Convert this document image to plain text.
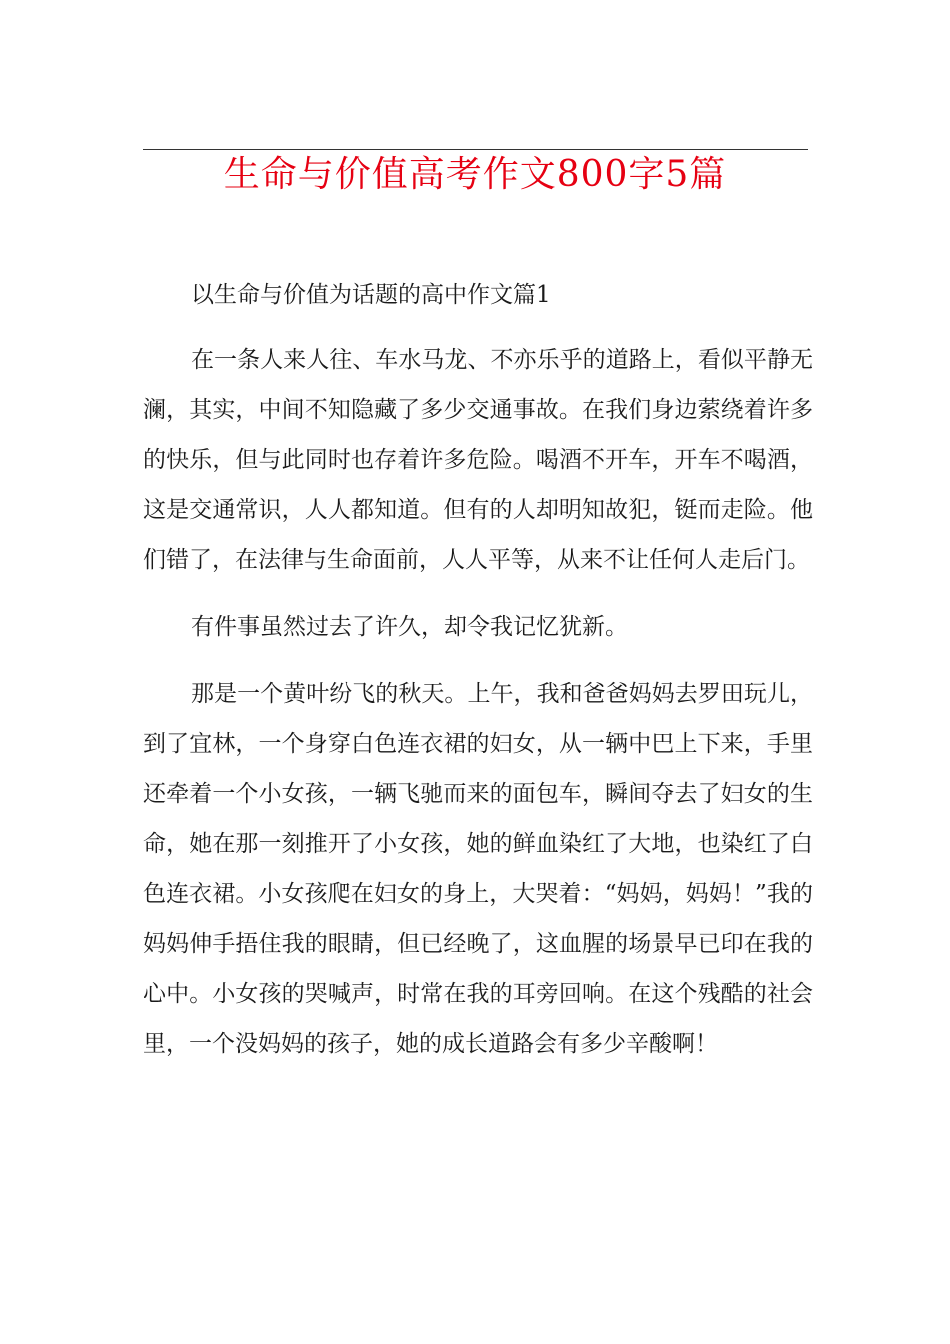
生命与价值高考作文800字5篇

以生命与价值为话题的高中作文篇1

在一条人来人往、车水马龙、不亦乐乎的道路上，看似平静无澜，其实，中间不知隐藏了多少交通事故。在我们身边萦绕着许多的快乐，但与此同时也存着许多危险。喝酒不开车，开车不喝酒，这是交通常识，人人都知道。但有的人却明知故犯，铤而走险。他们错了，在法律与生命面前，人人平等，从来不让任何人走后门。

有件事虽然过去了许久，却令我记忆犹新。

那是一个黄叶纷飞的秋天。上午，我和爸爸妈妈去罗田玩儿，到了宜林，一个身穿白色连衣裙的妇女，从一辆中巴上下来，手里还牵着一个小女孩，一辆飞驰而来的面包车，瞬间夺去了妇女的生命，她在那一刻推开了小女孩，她的鲜血染红了大地，也染红了白色连衣裙。小女孩爬在妇女的身上，大哭着：“妈妈，妈妈！”我的妈妈伸手捂住我的眼睛，但已经晚了，这血腥的场景早已印在我的心中。小女孩的哭喊声，时常在我的耳旁回响。在这个残酷的社会里，一个没妈妈的孩子，她的成长道路会有多少辛酸啊！
